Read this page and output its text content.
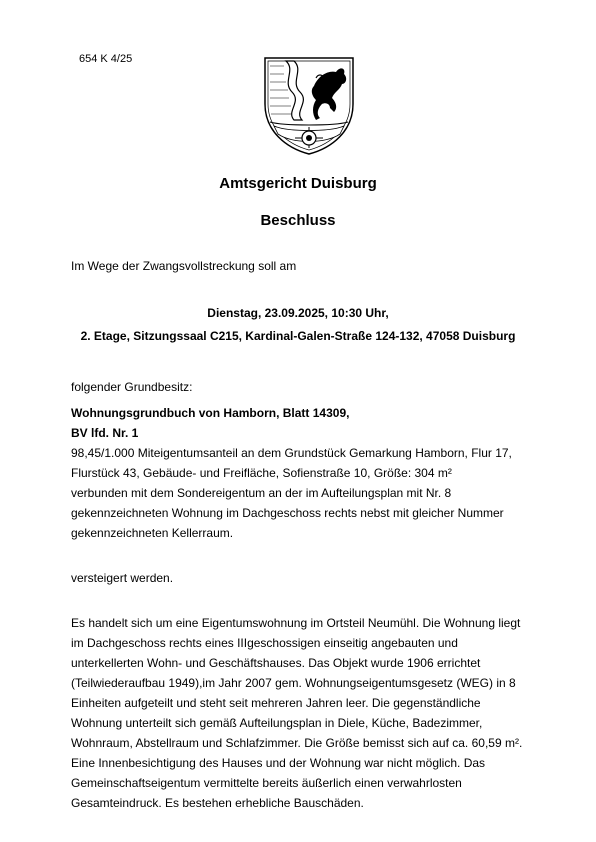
654 K 4/25
Amtsgericht Duisburg
Beschluss
Im Wege der Zwangsvollstreckung soll am
Dienstag, 23.09.2025, 10:30 Uhr,
2. Etage, Sitzungssaal C215, Kardinal-Galen-Straße 124-132, 47058 Duisburg
folgender Grundbesitz:
Wohnungsgrundbuch von Hamborn, Blatt 14309,
BV lfd. Nr. 1
98,45/1.000 Miteigentumsanteil an dem Grundstück Gemarkung Hamborn, Flur 17,
Flurstück 43, Gebäude- und Freifläche, Sofienstraße 10, Größe: 304 m²
verbunden mit dem Sondereigentum an der im Aufteilungsplan mit Nr. 8
gekennzeichneten Wohnung im Dachgeschoss rechts nebst mit gleicher Nummer
gekennzeichneten Kellerraum.
versteigert werden.
Es handelt sich um eine Eigentumswohnung im Ortsteil Neumühl. Die Wohnung liegt
im Dachgeschoss rechts eines IIIgeschossigen einseitig angebauten und
unterkellerten Wohn- und Geschäftshauses. Das Objekt wurde 1906 errichtet
(Teilwiederaufbau 1949),im Jahr 2007 gem. Wohnungseigentumsgesetz (WEG) in 8
Einheiten aufgeteilt und steht seit mehreren Jahren leer. Die gegenständliche
Wohnung unterteilt sich gemäß Aufteilungsplan in Diele, Küche, Badezimmer,
Wohnraum, Abstellraum und Schlafzimmer. Die Größe bemisst sich auf ca. 60,59 m².
Eine Innenbesichtigung des Hauses und der Wohnung war nicht möglich. Das
Gemeinschaftseigentum vermittelte bereits äußerlich einen verwahrlosten
Gesamteindruck. Es bestehen erhebliche Bauschäden.
